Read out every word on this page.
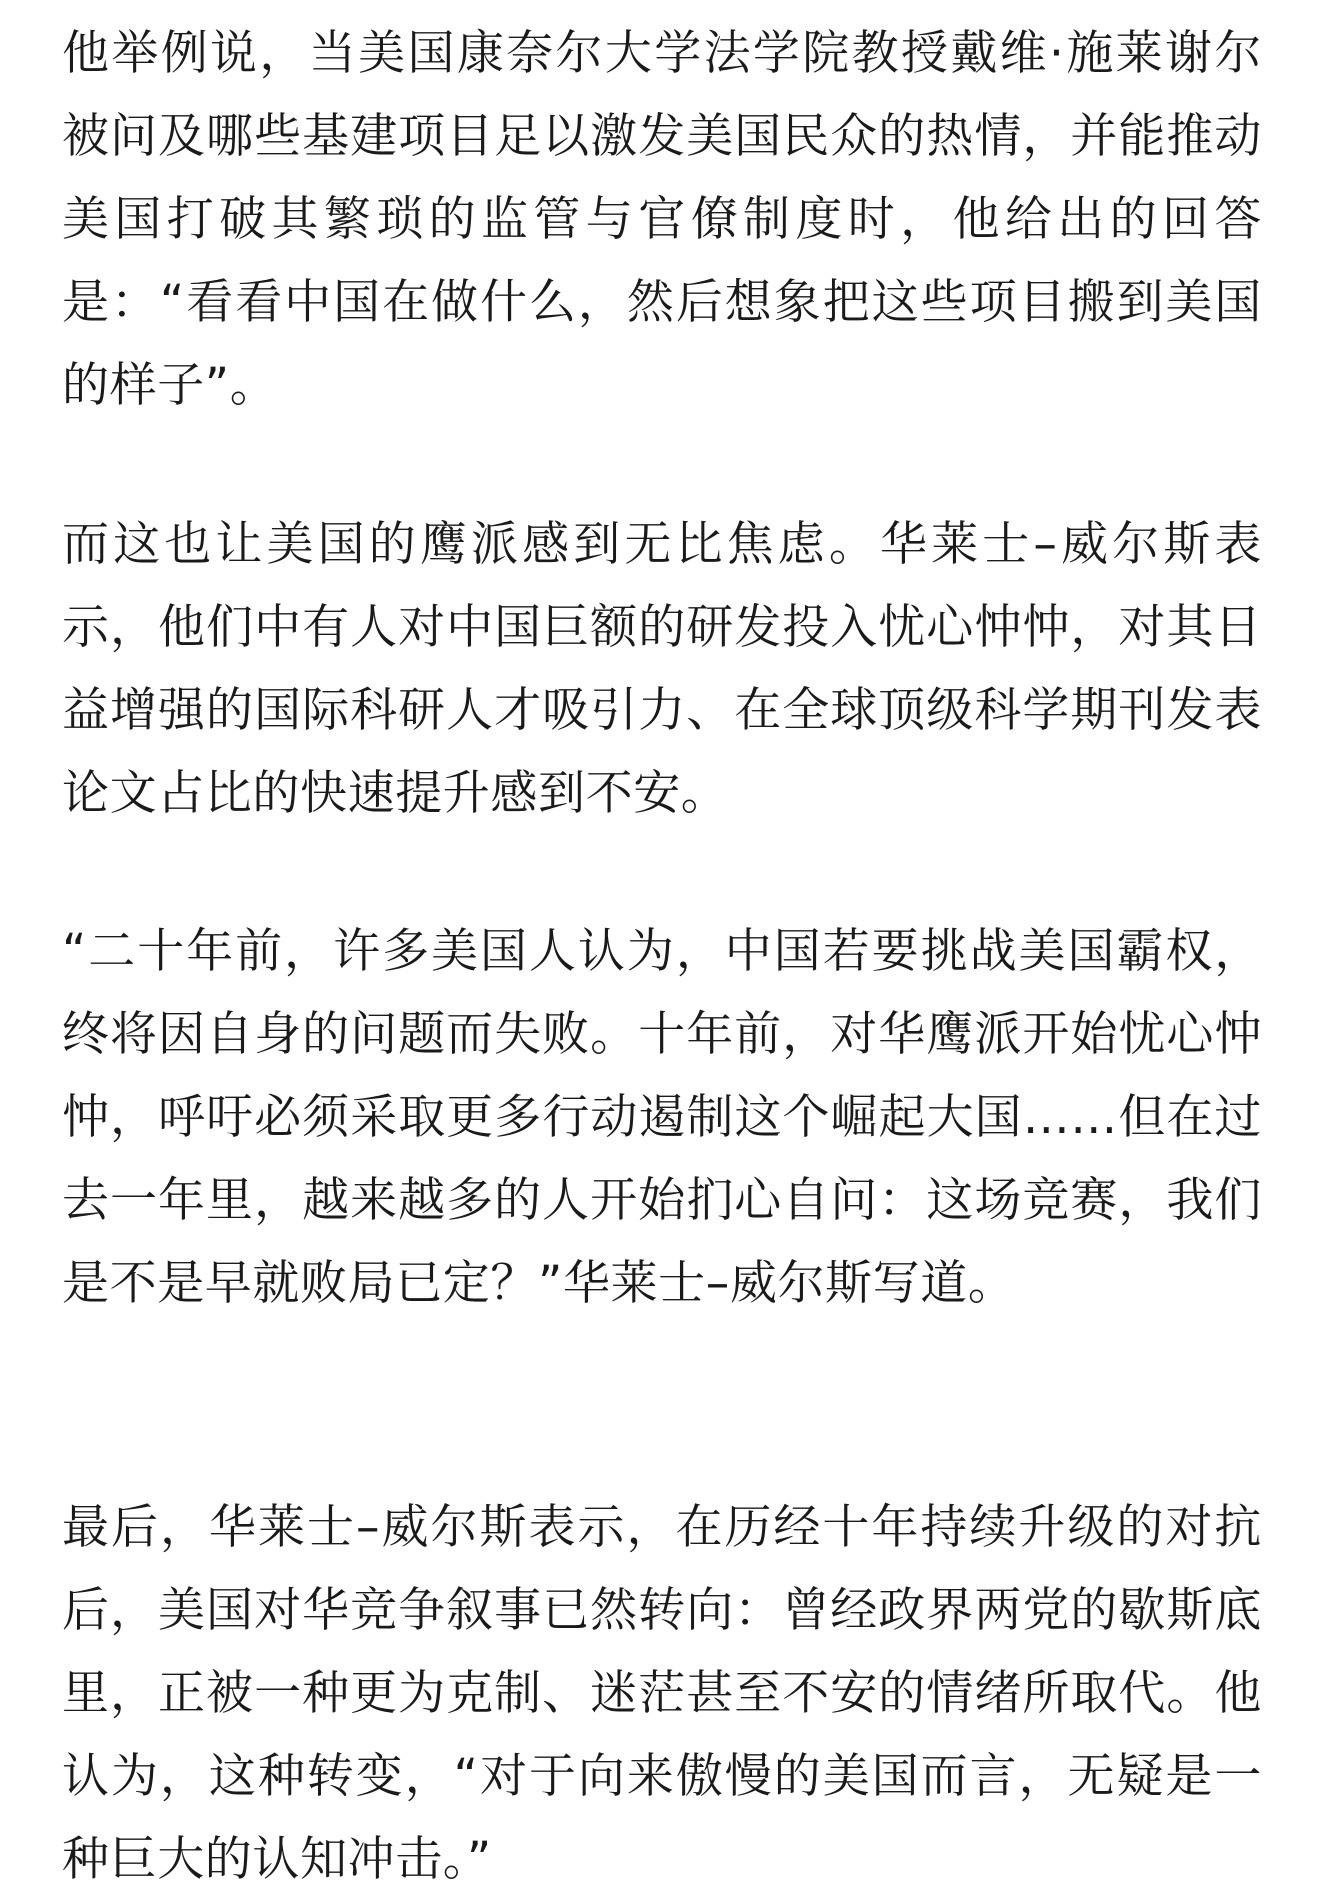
他举例说，当美国康奈尔大学法学院教授戴维·施莱谢尔被问及哪些基建项目足以激发美国民众的热情，并能推动美国打破其繁琐的监管与官僚制度时，他给出的回答是：“看看中国在做什么，然后想象把这些项目搬到美国的样子”。

而这也让美国的鹰派感到无比焦虑。华莱士–威尔斯表示，他们中有人对中国巨额的研发投入忧心忡忡，对其日益增强的国际科研人才吸引力、在全球顶级科学期刊发表论文占比的快速提升感到不安。

“二十年前，许多美国人认为，中国若要挑战美国霸权，终将因自身的问题而失败。十年前，对华鹰派开始忧心忡忡，呼吁必须采取更多行动遏制这个崛起大国……但在过去一年里，越来越多的人开始扪心自问：这场竞赛，我们是不是早就败局已定？”华莱士–威尔斯写道。

最后，华莱士–威尔斯表示，在历经十年持续升级的对抗后，美国对华竞争叙事已然转向：曾经政界两党的歇斯底里，正被一种更为克制、迷茫甚至不安的情绪所取代。他认为，这种转变，“对于向来傲慢的美国而言，无疑是一种巨大的认知冲击。”
